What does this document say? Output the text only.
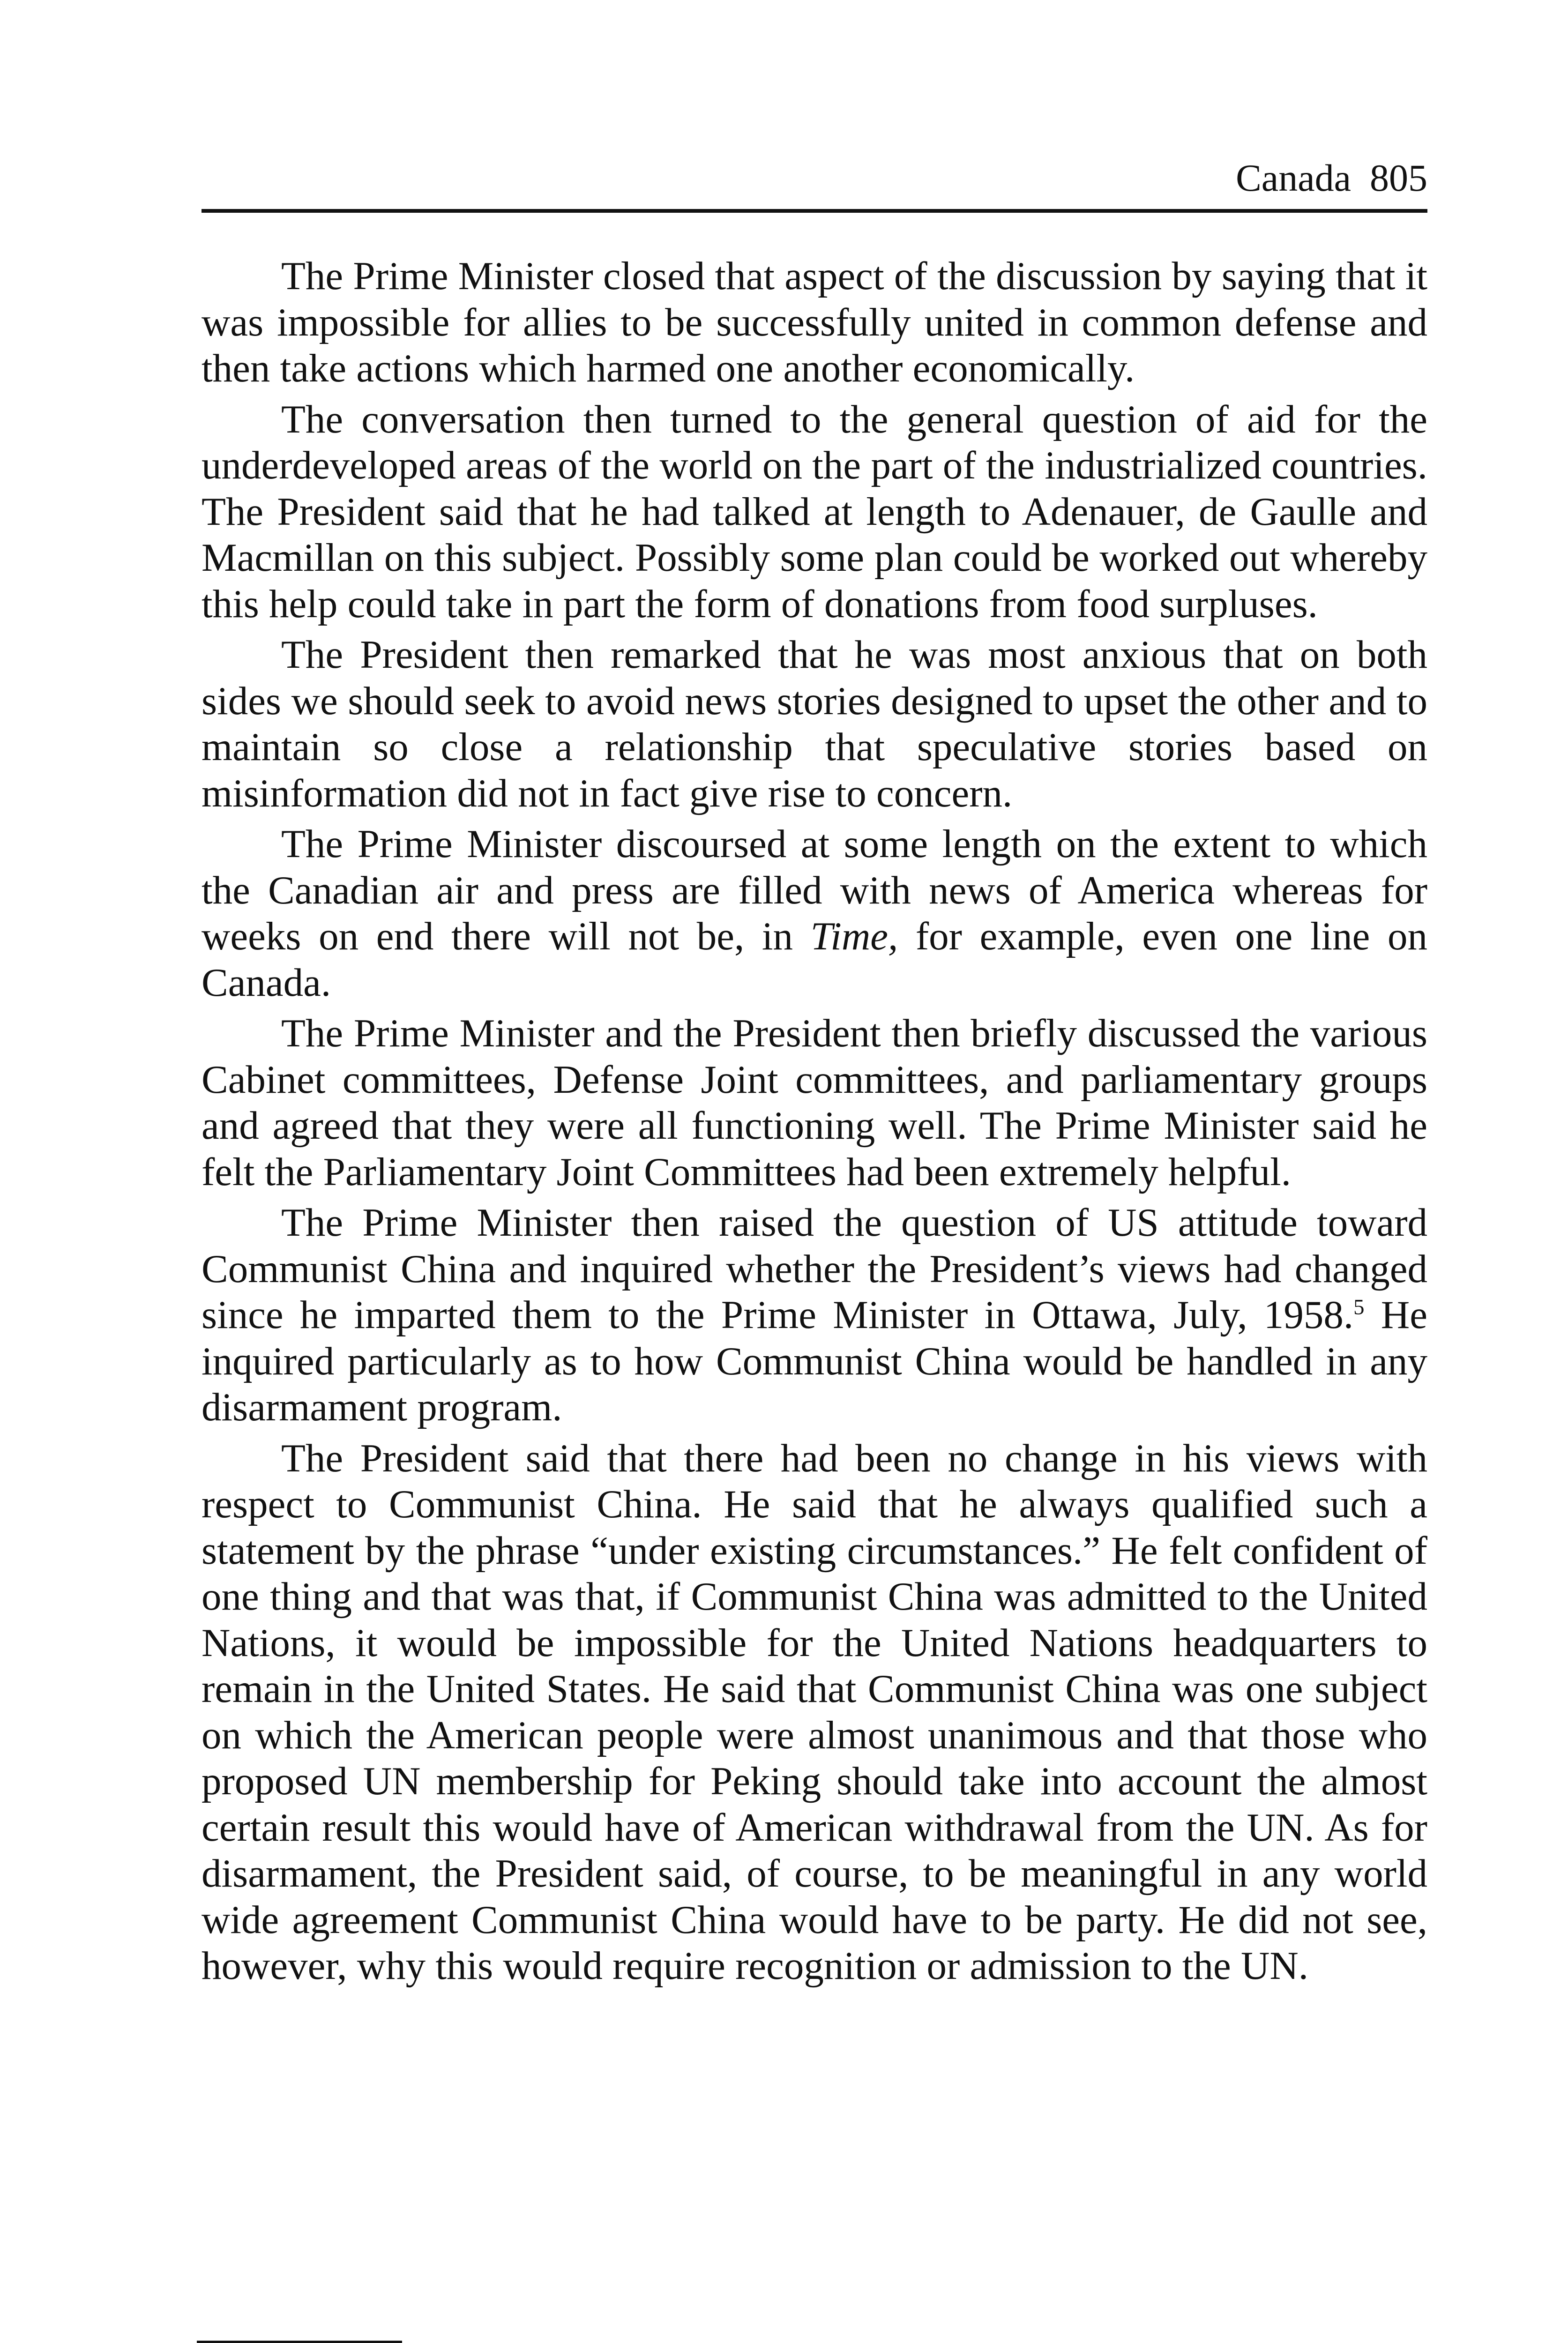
Canada 805

The Prime Minister closed that aspect of the discussion by saying that it was impossible for allies to be successfully united in common defense and then take actions which harmed one another economically.

The conversation then turned to the general question of aid for the underdeveloped areas of the world on the part of the industrialized countries. The President said that he had talked at length to Adenauer, de Gaulle and Macmillan on this subject. Possibly some plan could be worked out whereby this help could take in part the form of donations from food surpluses.

The President then remarked that he was most anxious that on both sides we should seek to avoid news stories designed to upset the other and to maintain so close a relationship that speculative stories based on misinformation did not in fact give rise to concern.

The Prime Minister discoursed at some length on the extent to which the Canadian air and press are filled with news of America whereas for weeks on end there will not be, in Time, for example, even one line on Canada.

The Prime Minister and the President then briefly discussed the various Cabinet committees, Defense Joint committees, and parliamentary groups and agreed that they were all functioning well. The Prime Minister said he felt the Parliamentary Joint Committees had been extremely helpful.

The Prime Minister then raised the question of US attitude toward Communist China and inquired whether the President’s views had changed since he imparted them to the Prime Minister in Ottawa, July, 1958.$^5$ He inquired particularly as to how Communist China would be handled in any disarmament program.

The President said that there had been no change in his views with respect to Communist China. He said that he always qualified such a statement by the phrase “under existing circumstances.” He felt confident of one thing and that was that, if Communist China was admitted to the United Nations, it would be impossible for the United Nations headquarters to remain in the United States. He said that Communist China was one subject on which the American people were almost unanimous and that those who proposed UN membership for Peking should take into account the almost certain result this would have of American withdrawal from the UN. As for disarmament, the President said, of course, to be meaningful in any world wide agreement Communist China would have to be party. He did not see, however, why this would require recognition or admission to the UN.
